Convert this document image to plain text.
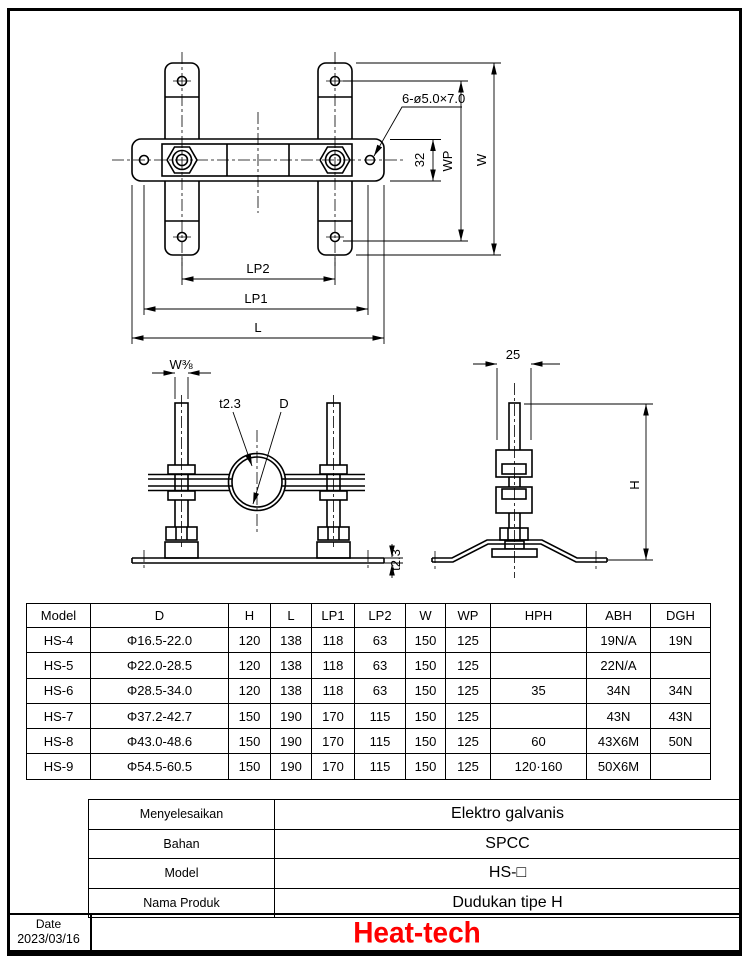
6-ø5.0×7.0
32 WP W
LP2
LP1
L
W⅜
t2.3	D
t2.3
25
H
Model	D	H	L	LP1	LP2	W	WP	HPH	ABH	DGH
HS-4	Φ16.5-22.0	120	138	118	63	150	125		19N/A	19N
HS-5	Φ22.0-28.5	120	138	118	63	150	125		22N/A	
HS-6	Φ28.5-34.0	120	138	118	63	150	125	35	34N	34N
HS-7	Φ37.2-42.7	150	190	170	115	150	125		43N	43N
HS-8	Φ43.0-48.6	150	190	170	115	150	125	60	43X6M	50N
HS-9	Φ54.5-60.5	150	190	170	115	150	125	120·160	50X6M	
Menyelesaikan	Elektro galvanis
Bahan	SPCC
Model	HS-□
Nama Produk	Dudukan tipe H
Date
2023/03/16	Heat-tech
